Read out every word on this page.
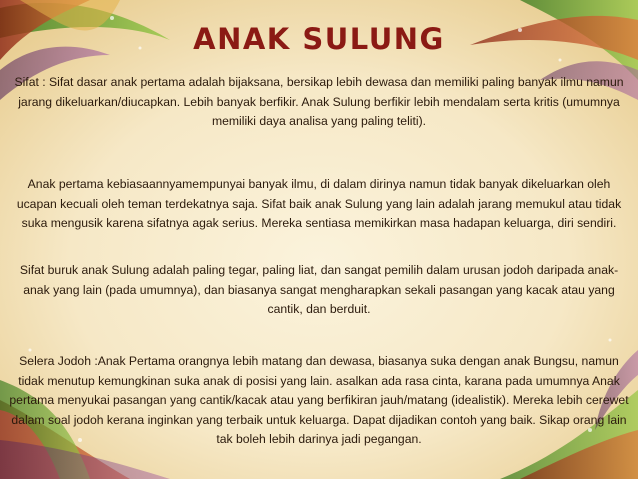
ANAK SULUNG
Sifat : Sifat dasar anak pertama adalah bijaksana, bersikap lebih dewasa dan memiliki paling banyak ilmu namun jarang dikeluarkan/diucapkan. Lebih banyak berfikir. Anak Sulung berfikir lebih mendalam serta kritis (umumnya memiliki daya analisa yang paling teliti).
Anak pertama kebiasaannyamempunyai banyak ilmu, di dalam dirinya namun tidak banyak dikeluarkan oleh ucapan kecuali oleh teman terdekatnya saja. Sifat baik anak Sulung yang lain adalah jarang memukul atau tidak suka mengusik karena sifatnya agak serius. Mereka sentiasa memikirkan masa hadapan keluarga, diri sendiri.
Sifat buruk anak Sulung adalah paling tegar, paling liat, dan sangat pemilih dalam urusan jodoh daripada anak-anak yang lain (pada umumnya), dan biasanya sangat mengharapkan sekali pasangan yang kacak atau yang cantik, dan berduit.
Selera Jodoh :Anak Pertama orangnya lebih matang dan dewasa, biasanya suka dengan anak Bungsu, namun tidak menutup kemungkinan suka anak di posisi yang lain. asalkan ada rasa cinta, karana pada umumnya Anak pertama menyukai pasangan yang cantik/kacak atau yang berfikiran jauh/matang (idealistik). Mereka lebih cerewet dalam soal jodoh kerana inginkan yang terbaik untuk keluarga. Dapat dijadikan contoh yang baik. Sikap orang lain tak boleh lebih darinya jadi pegangan.
